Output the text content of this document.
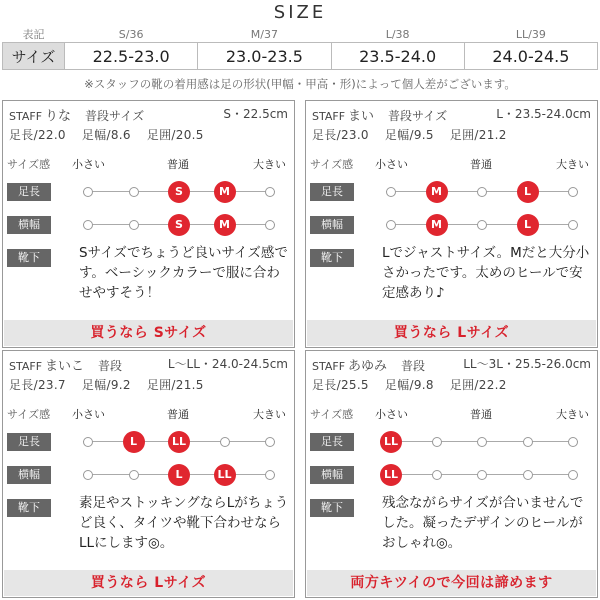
SIZE
表記	S/36	M/37	L/38	LL/39
サイズ	22.5-23.0	23.0-23.5	23.5-24.0	24.0-24.5
※スタッフの靴の着用感は足の形状(甲幅・甲高・形)によって個人差がございます。
STAFF りな 普段サイズ	S・22.5cm
足長/22.0 足幅/8.6 足囲/20.5
サイズ感 小さい	普通	大きい
足長
横幅
靴下
S	M
S	M
Sサイズでちょうど良いサイズ感です。ベーシックカラーで服に合わせやすそう！
買うなら Sサイズ
STAFF まい 普段サイズ	L・23.5-24.0cm
足長/23.0 足幅/9.5 足囲/21.2
サイズ感 小さい	普通	大きい
足長
横幅
靴下
M	L
M	L
Lでジャストサイズ。Mだと大分小さかったです。太めのヒールで安定感あり♪
買うなら Lサイズ
STAFF まいこ 普段	L〜LL・24.0-24.5cm
足長/23.7 足幅/9.2 足囲/21.5
サイズ感 小さい	普通	大きい
足長
横幅
靴下
L	LL
L	LL
素足やストッキングならLがちょうど良く、タイツや靴下合わせならLLにします◎。
買うなら Lサイズ
STAFF あゆみ 普段	LL〜3L・25.5-26.0cm
足長/25.5 足幅/9.8 足囲/22.2
サイズ感 小さい	普通	大きい
足長
横幅
靴下
LL
LL
残念ながらサイズが合いませんでした。凝ったデザインのヒールがおしゃれ◎。
両方キツイので今回は諦めます
